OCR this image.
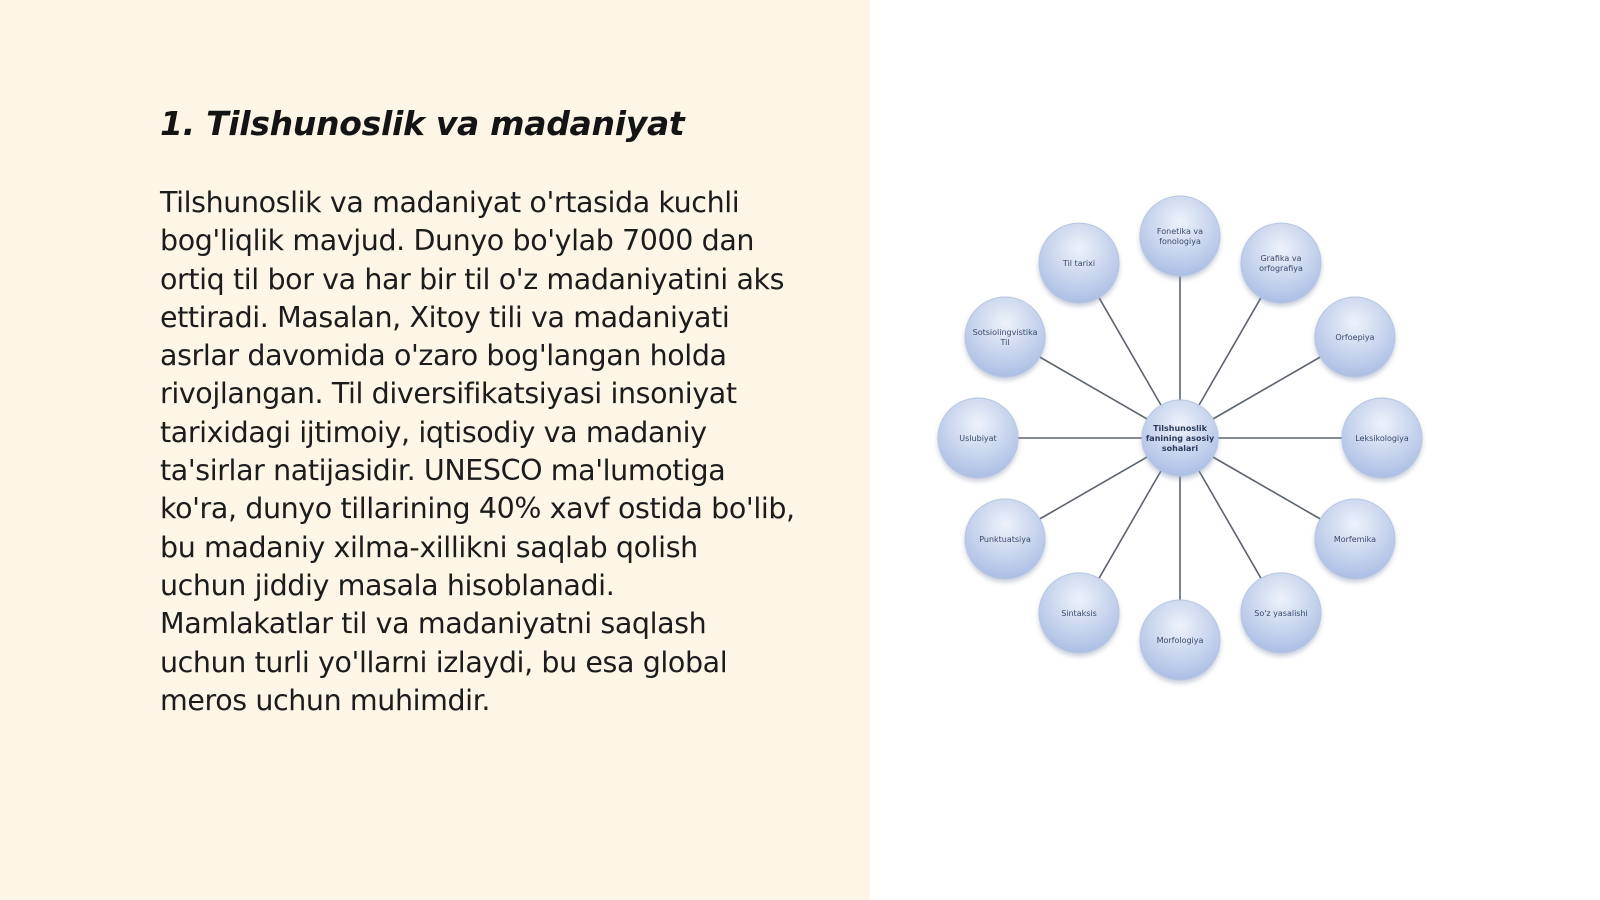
1. Tilshunoslik va madaniyat

Tilshunoslik va madaniyat o'rtasida kuchli
bog'liqlik mavjud. Dunyo bo'ylab 7000 dan
ortiq til bor va har bir til o'z madaniyatini aks
ettiradi. Masalan, Xitoy tili va madaniyati
asrlar davomida o'zaro bog'langan holda
rivojlangan. Til diversifikatsiyasi insoniyat
tarixidagi ijtimoiy, iqtisodiy va madaniy
ta'sirlar natijasidir. UNESCO ma'lumotiga
ko'ra, dunyo tillarining 40% xavf ostida bo'lib,
bu madaniy xilma-xillikni saqlab qolish
uchun jiddiy masala hisoblanadi.
Mamlakatlar til va madaniyatni saqlash
uchun turli yo'llarni izlaydi, bu esa global
meros uchun muhimdir.

Fonetika va
fonologiya
Grafika va
orfografiya
Orfoepiya
Leksikologiya
Morfemika
So'z yasalishi
Morfologiya
Sintaksis
Punktuatsiya
Uslubiyat
Sotsiolingvistika
Til
Til tarixi
Tilshunoslik
fanining asosiy
sohalari
